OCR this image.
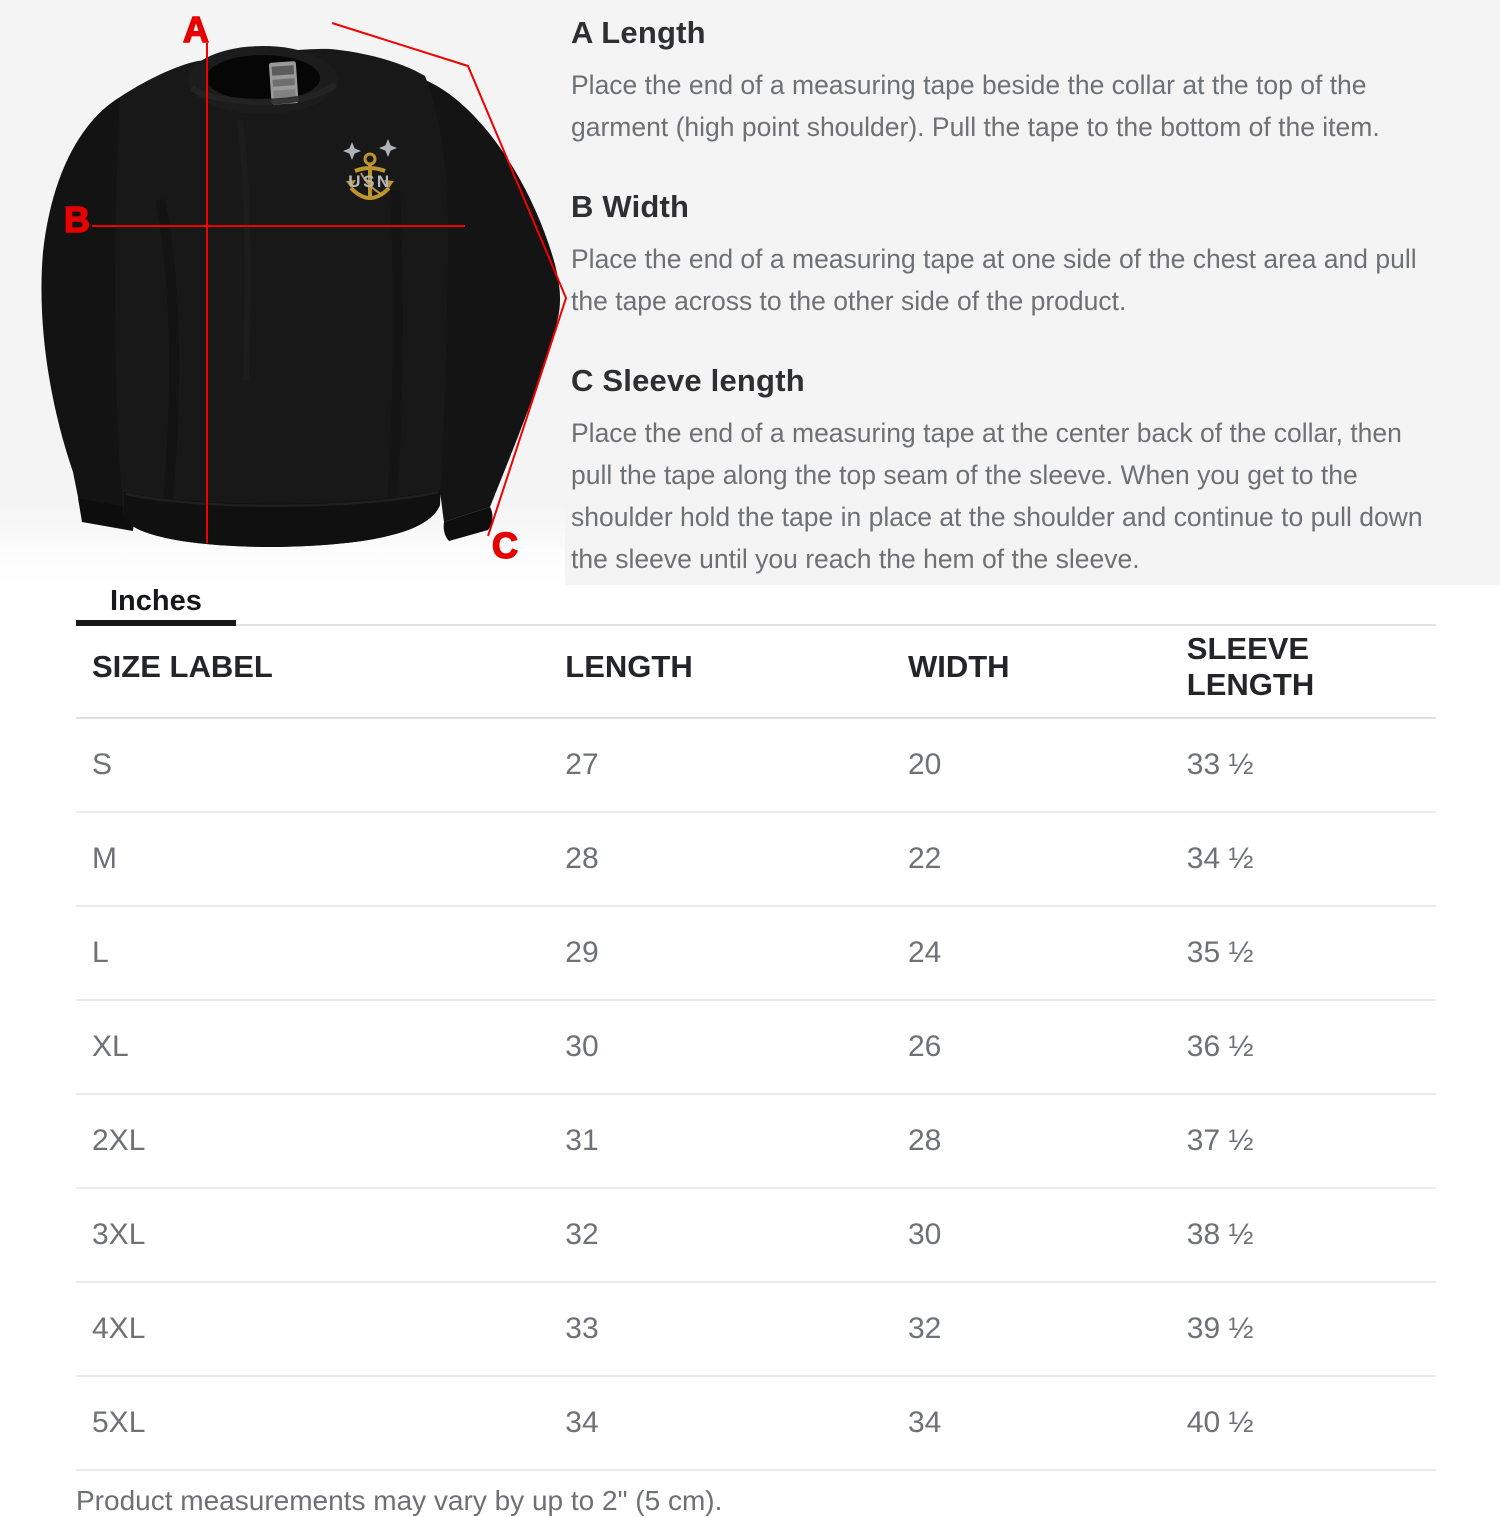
USN
A
B
C
A Length

Place the end of a measuring tape beside the collar at the top of the garment (high point shoulder). Pull the tape to the bottom of the item.

B Width

Place the end of a measuring tape at one side of the chest area and pull the tape across to the other side of the product.

C Sleeve length

Place the end of a measuring tape at the center back of the collar, then pull the tape along the top seam of the sleeve. When you get to the shoulder hold the tape in place at the shoulder and continue to pull down the sleeve until you reach the hem of the sleeve.

Inches
SIZE LABEL	LENGTH	WIDTH	SLEEVE LENGTH
S	27	20	33 ½
M	28	22	34 ½
L	29	24	35 ½
XL	30	26	36 ½
2XL	31	28	37 ½
3XL	32	30	38 ½
4XL	33	32	39 ½
5XL	34	34	40 ½
Product measurements may vary by up to 2" (5 cm).
